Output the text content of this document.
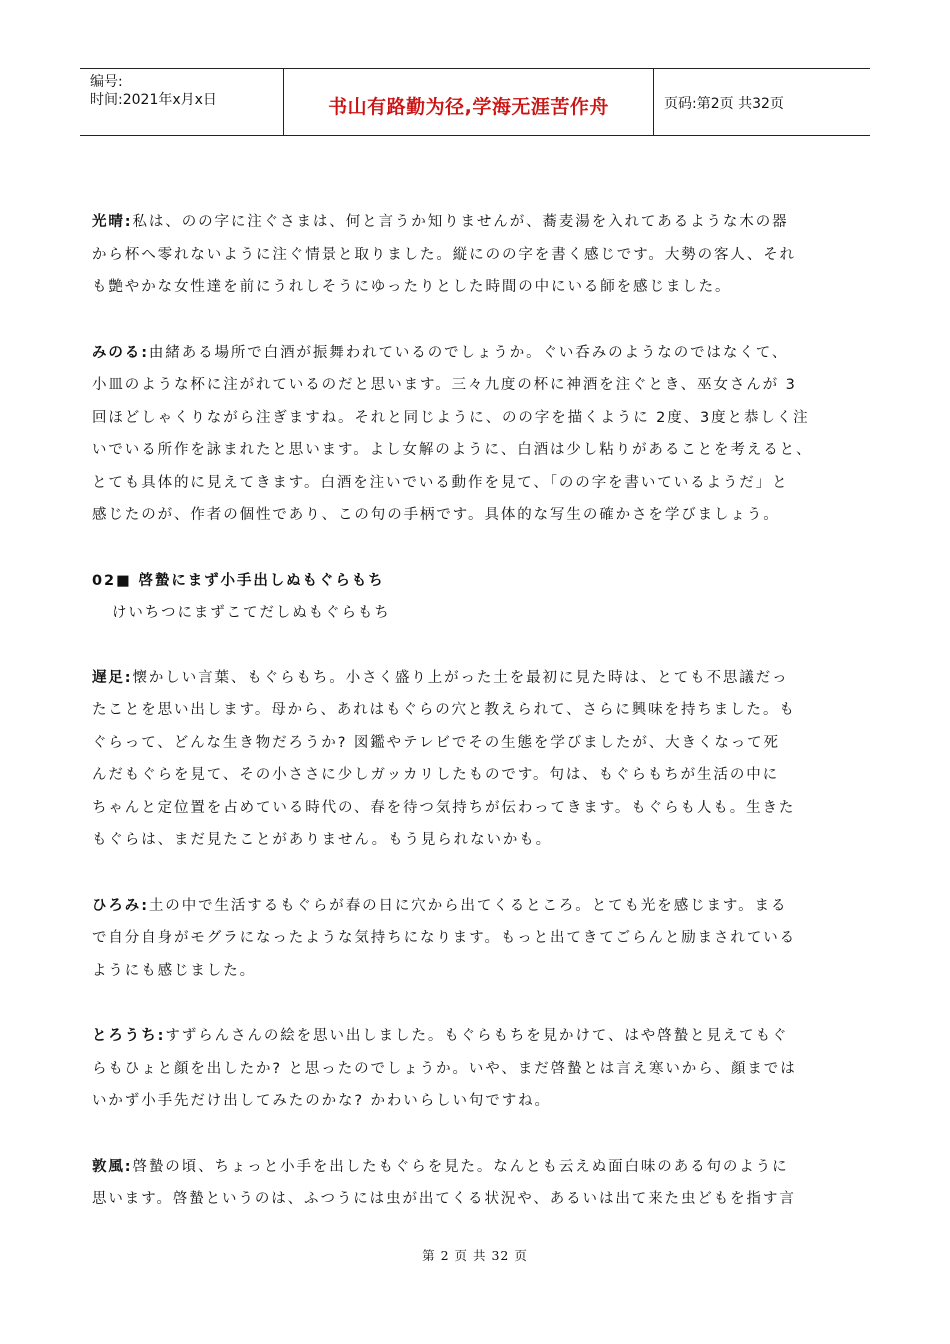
编号:
时间:2021年x月x日	书山有路勤为径,学海无涯苦作舟	页码:第2页 共32页

光晴:私は、のの字に注ぐさまは、何と言うか知りませんが、蕎麦湯を入れてあるような木の器

から杯へ零れないように注ぐ情景と取りました。縦にのの字を書く感じです。大勢の客人、それ

も艶やかな女性達を前にうれしそうにゆったりとした時間の中にいる師を感じました。

みのる:由緒ある場所で白酒が振舞われているのでしょうか。ぐい呑みのようなのではなくて、

小皿のような杯に注がれているのだと思います。三々九度の杯に神酒を注ぐとき、巫女さんが 3

回ほどしゃくりながら注ぎますね。それと同じように、のの字を描くように 2度、3度と恭しく注

いでいる所作を詠まれたと思います。よし女解のように、白酒は少し粘りがあることを考えると、

とても具体的に見えてきます。白酒を注いでいる動作を見て、「のの字を書いているようだ」と

感じたのが、作者の個性であり、この句の手柄です。具体的な写生の確かさを学びましょう。

02■ 啓蟄にまず小手出しぬもぐらもち

けいちつにまずこてだしぬもぐらもち

遅足:懐かしい言葉、もぐらもち。小さく盛り上がった土を最初に見た時は、とても不思議だっ

たことを思い出します。母から、あれはもぐらの穴と教えられて、さらに興味を持ちました。も

ぐらって、どんな生き物だろうか? 図鑑やテレビでその生態を学びましたが、大きくなって死

んだもぐらを見て、その小ささに少しガッカリしたものです。句は、もぐらもちが生活の中に

ちゃんと定位置を占めている時代の、春を待つ気持ちが伝わってきます。もぐらも人も。生きた

もぐらは、まだ見たことがありません。もう見られないかも。

ひろみ:土の中で生活するもぐらが春の日に穴から出てくるところ。とても光を感じます。まる

で自分自身がモグラになったような気持ちになります。もっと出てきてごらんと励まされている

ようにも感じました。

とろうち:すずらんさんの絵を思い出しました。もぐらもちを見かけて、はや啓蟄と見えてもぐ

らもひょと顔を出したか? と思ったのでしょうか。いや、まだ啓蟄とは言え寒いから、顔までは

いかず小手先だけ出してみたのかな? かわいらしい句ですね。

敦風:啓蟄の頃、ちょっと小手を出したもぐらを見た。なんとも云えぬ面白味のある句のように

思います。啓蟄というのは、ふつうには虫が出てくる状況や、あるいは出て来た虫どもを指す言

第 2 页 共 32 页
